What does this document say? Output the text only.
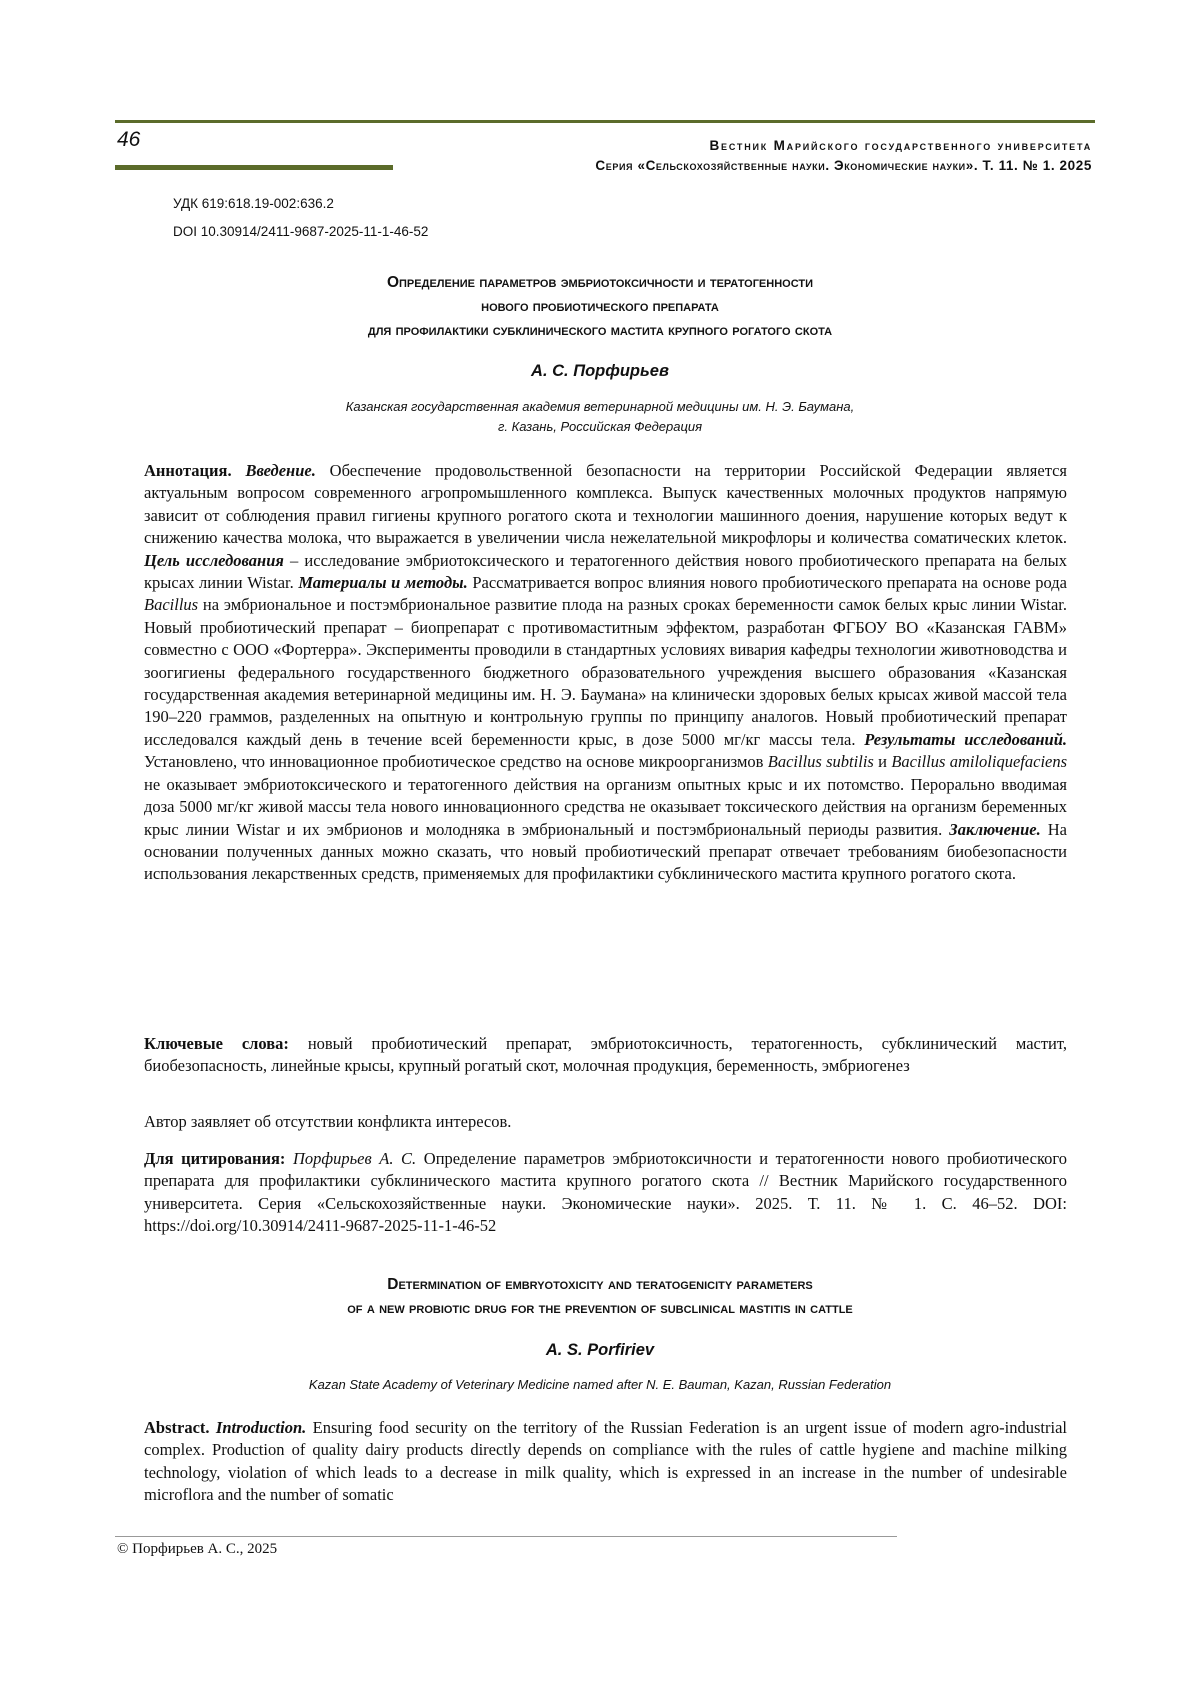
46	Вестник Марийского государственного университета
Серия «Сельскохозяйственные науки. Экономические науки». Т. 11. № 1. 2025
УДК 619:618.19-002:636.2
DOI 10.30914/2411-9687-2025-11-1-46-52
Определение параметров эмбриотоксичности и тератогенности
нового пробиотического препарата
для профилактики субклинического мастита крупного рогатого скота
А. С. Порфирьев
Казанская государственная академия ветеринарной медицины им. Н. Э. Баумана,
г. Казань, Российская Федерация
Аннотация. Введение. Обеспечение продовольственной безопасности на территории Российской Федерации является актуальным вопросом современного агропромышленного комплекса. Выпуск качественных молочных продуктов напрямую зависит от соблюдения правил гигиены крупного рогатого скота и технологии машинного доения, нарушение которых ведут к снижению качества молока, что выражается в увеличении числа нежелательной микрофлоры и количества соматических клеток. Цель исследования – исследование эмбриотоксического и тератогенного действия нового пробиотического препарата на белых крысах линии Wistar. Материалы и методы. Рассматривается вопрос влияния нового пробиотического препарата на основе рода Bacillus на эмбриональное и постэмбриональное развитие плода на разных сроках беременности самок белых крыс линии Wistar. Новый пробиотический препарат – биопрепарат с противомаститным эффектом, разработан ФГБОУ ВО «Казанская ГАВМ» совместно с ООО «Фортерра». Эксперименты проводили в стандартных условиях вивария кафедры технологии животноводства и зоогигиены федерального государственного бюджетного образовательного учреждения высшего образования «Казанская государственная академия ветеринарной медицины им. Н. Э. Баумана» на клинически здоровых белых крысах живой массой тела 190–220 граммов, разделенных на опытную и контрольную группы по принципу аналогов. Новый пробиотический препарат исследовался каждый день в течение всей беременности крыс, в дозе 5000 мг/кг массы тела. Результаты исследований. Установлено, что инновационное пробиотическое средство на основе микроорганизмов Bacillus subtilis и Bacillus amiloliquefaciens не оказывает эмбриотоксического и тератогенного действия на организм опытных крыс и их потомство. Перорально вводимая доза 5000 мг/кг живой массы тела нового инновационного средства не оказывает токсического действия на организм беременных крыс линии Wistar и их эмбрионов и молодняка в эмбриональный и постэмбриональный периоды развития. Заключение. На основании полученных данных можно сказать, что новый пробиотический препарат отвечает требованиям биобезопасности использования лекарственных средств, применяемых для профилактики субклинического мастита крупного рогатого скота.
Ключевые слова: новый пробиотический препарат, эмбриотоксичность, тератогенность, субклинический мастит, биобезопасность, линейные крысы, крупный рогатый скот, молочная продукция, беременность, эмбриогенез
Автор заявляет об отсутствии конфликта интересов.
Для цитирования: Порфирьев А. С. Определение параметров эмбриотоксичности и тератогенности нового пробиотического препарата для профилактики субклинического мастита крупного рогатого скота // Вестник Марийского государственного университета. Серия «Сельскохозяйственные науки. Экономические науки». 2025. Т. 11. № 1. С. 46–52. DOI: https://doi.org/10.30914/2411-9687-2025-11-1-46-52
Determination of embryotoxicity and teratogenicity parameters
of a new probiotic drug for the prevention of subclinical mastitis in cattle
A. S. Porfiriev
Kazan State Academy of Veterinary Medicine named after N. E. Bauman, Kazan, Russian Federation
Abstract. Introduction. Ensuring food security on the territory of the Russian Federation is an urgent issue of modern agro-industrial complex. Production of quality dairy products directly depends on compliance with the rules of cattle hygiene and machine milking technology, violation of which leads to a decrease in milk quality, which is expressed in an increase in the number of undesirable microflora and the number of somatic
© Порфирьев А. С., 2025
